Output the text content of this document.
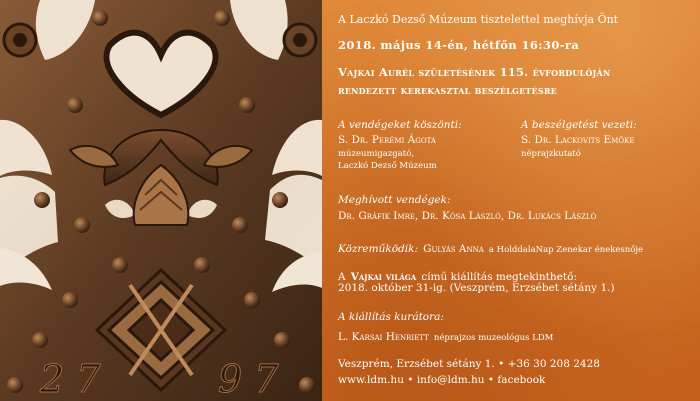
2 7	9 7
A Laczkó Dezső Múzeum tisztelettel meghívja Önt
2018. május 14-én, hétfőn 16:30-ra
Vajkai Aurél születésének 115. évfordulóján
rendezett kerekasztal beszélgetésre
A vendégeket köszönti:
S. Dr. Perémi Ágota
múzeumigazgató,
Laczkó Dezső Múzeum
A beszélgetést vezeti:
S. Dr. Lackovits Emőke
néprajzkutató
Meghívott vendégek:
Dr. Gráfik Imre, Dr. Kósa László, Dr. Lukács László
Közreműködik: Gulyás Anna a HolddalaNap Zenekar énekesnője
A Vajkai világa című kiállítás megtekinthető:
2018. október 31-ig. (Veszprém, Erzsébet sétány 1.)
A kiállítás kurátora:
L. Karsai Henriett néprajzos muzeológus LDM
Veszprém, Erzsébet sétány 1. • +36 30 208 2428
www.ldm.hu • info@ldm.hu • facebook
